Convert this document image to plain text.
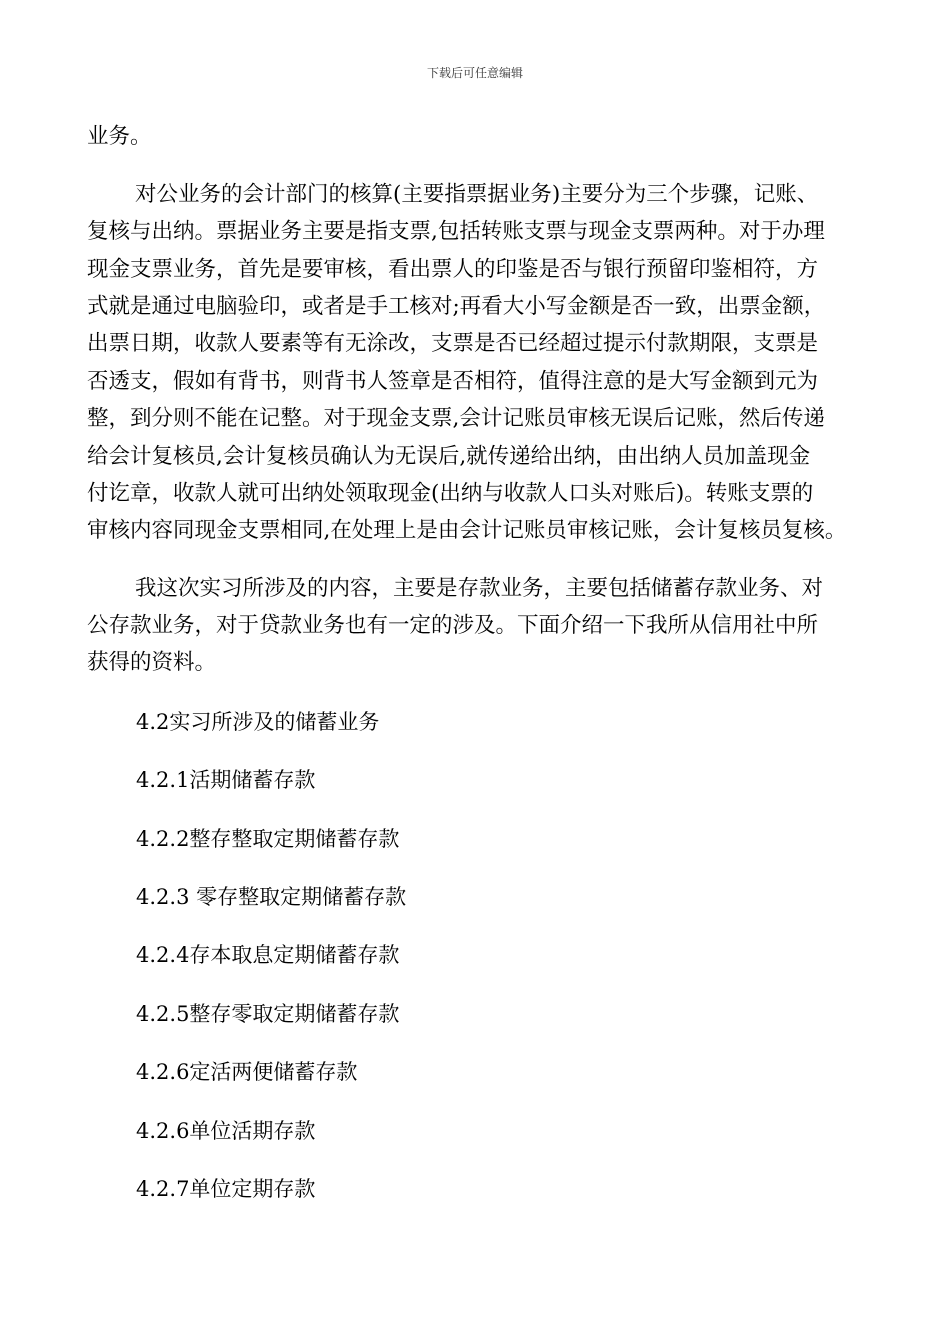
下载后可任意编辑
业务。
对公业务的会计部门的核算(主要指票据业务)主要分为三个步骤，记账、
复核与出纳。票据业务主要是指支票,包括转账支票与现金支票两种。对于办理
现金支票业务，首先是要审核，看出票人的印鉴是否与银行预留印鉴相符，方
式就是通过电脑验印，或者是手工核对;再看大小写金额是否一致，出票金额，
出票日期，收款人要素等有无涂改，支票是否已经超过提示付款期限，支票是
否透支，假如有背书，则背书人签章是否相符，值得注意的是大写金额到元为
整，到分则不能在记整。对于现金支票,会计记账员审核无误后记账，然后传递
给会计复核员,会计复核员确认为无误后,就传递给出纳，由出纳人员加盖现金
付讫章，收款人就可出纳处领取现金(出纳与收款人口头对账后)。转账支票的
审核内容同现金支票相同,在处理上是由会计记账员审核记账，会计复核员复核。
我这次实习所涉及的内容，主要是存款业务，主要包括储蓄存款业务、对
公存款业务，对于贷款业务也有一定的涉及。下面介绍一下我所从信用社中所
获得的资料。
4.2实习所涉及的储蓄业务
4.2.1活期储蓄存款
4.2.2整存整取定期储蓄存款
4.2.3 零存整取定期储蓄存款
4.2.4存本取息定期储蓄存款
4.2.5整存零取定期储蓄存款
4.2.6定活两便储蓄存款
4.2.6单位活期存款
4.2.7单位定期存款
